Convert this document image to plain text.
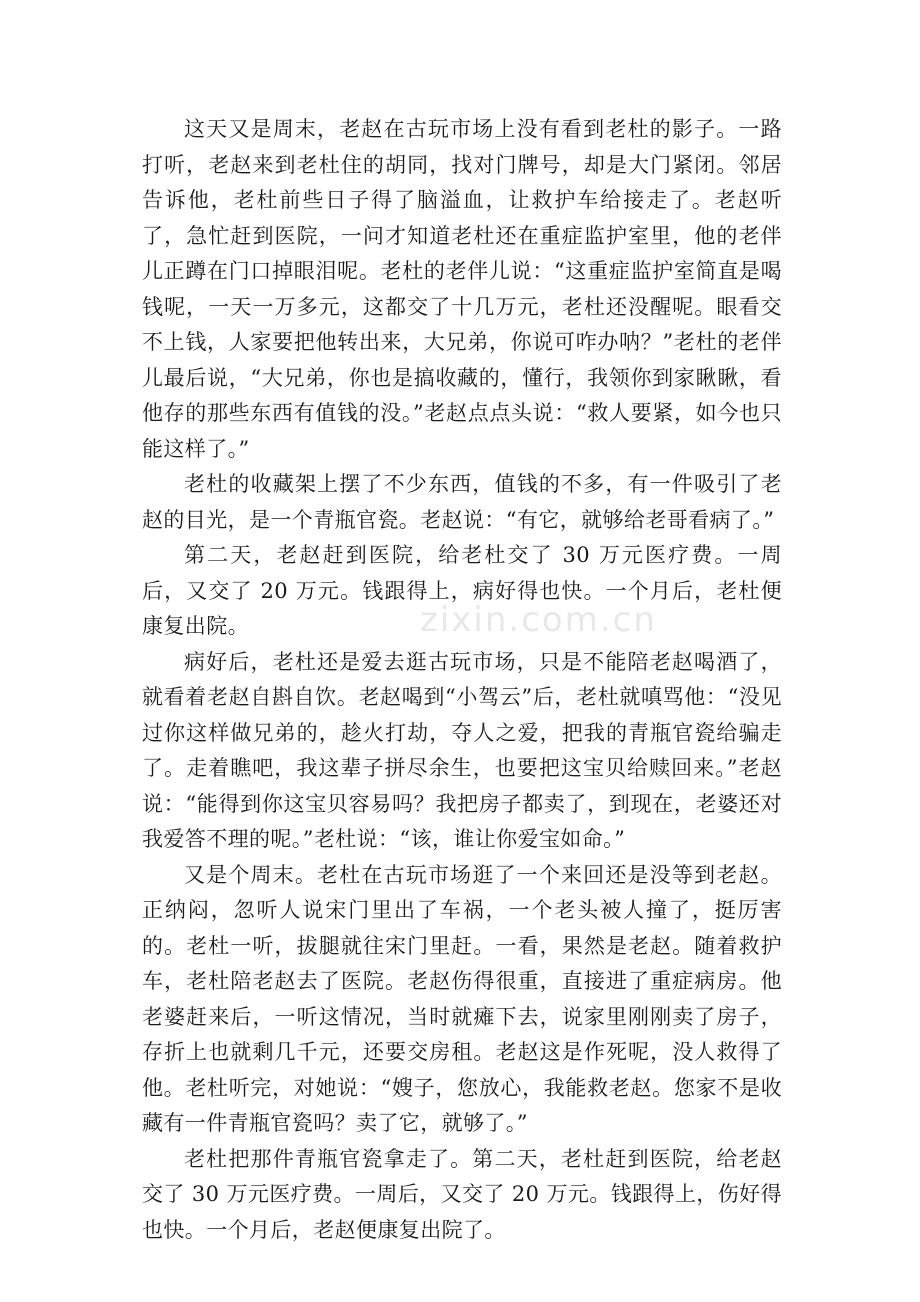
zixin.com.cn

这天又是周末，老赵在古玩市场上没有看到老杜的影子。一路打听，老赵来到老杜住的胡同，找对门牌号，却是大门紧闭。邻居告诉他，老杜前些日子得了脑溢血，让救护车给接走了。老赵听了，急忙赶到医院，一问才知道老杜还在重症监护室里，他的老伴儿正蹲在门口掉眼泪呢。老杜的老伴儿说：“这重症监护室简直是喝钱呢，一天一万多元，这都交了十几万元，老杜还没醒呢。眼看交不上钱，人家要把他转出来，大兄弟，你说可咋办呐？”老杜的老伴儿最后说，“大兄弟，你也是搞收藏的，懂行，我领你到家瞅瞅，看他存的那些东西有值钱的没。”老赵点点头说：“救人要紧，如今也只能这样了。”

老杜的收藏架上摆了不少东西，值钱的不多，有一件吸引了老赵的目光，是一个青瓶官瓷。老赵说：“有它，就够给老哥看病了。”

第二天，老赵赶到医院，给老杜交了 30 万元医疗费。一周后，又交了 20 万元。钱跟得上，病好得也快。一个月后，老杜便康复出院。

病好后，老杜还是爱去逛古玩市场，只是不能陪老赵喝酒了，就看着老赵自斟自饮。老赵喝到“小驾云”后，老杜就嗔骂他：“没见过你这样做兄弟的，趁火打劫，夺人之爱，把我的青瓶官瓷给骗走了。走着瞧吧，我这辈子拼尽余生，也要把这宝贝给赎回来。”老赵说：“能得到你这宝贝容易吗？我把房子都卖了，到现在，老婆还对我爱答不理的呢。”老杜说：“该，谁让你爱宝如命。”

又是个周末。老杜在古玩市场逛了一个来回还是没等到老赵。正纳闷，忽听人说宋门里出了车祸，一个老头被人撞了，挺厉害的。老杜一听，拔腿就往宋门里赶。一看，果然是老赵。随着救护车，老杜陪老赵去了医院。老赵伤得很重，直接进了重症病房。他老婆赶来后，一听这情况，当时就瘫下去，说家里刚刚卖了房子，存折上也就剩几千元，还要交房租。老赵这是作死呢，没人救得了他。老杜听完，对她说：“嫂子，您放心，我能救老赵。您家不是收藏有一件青瓶官瓷吗？卖了它，就够了。”

老杜把那件青瓶官瓷拿走了。第二天，老杜赶到医院，给老赵交了 30 万元医疗费。一周后，又交了 20 万元。钱跟得上，伤好得也快。一个月后，老赵便康复出院了。
